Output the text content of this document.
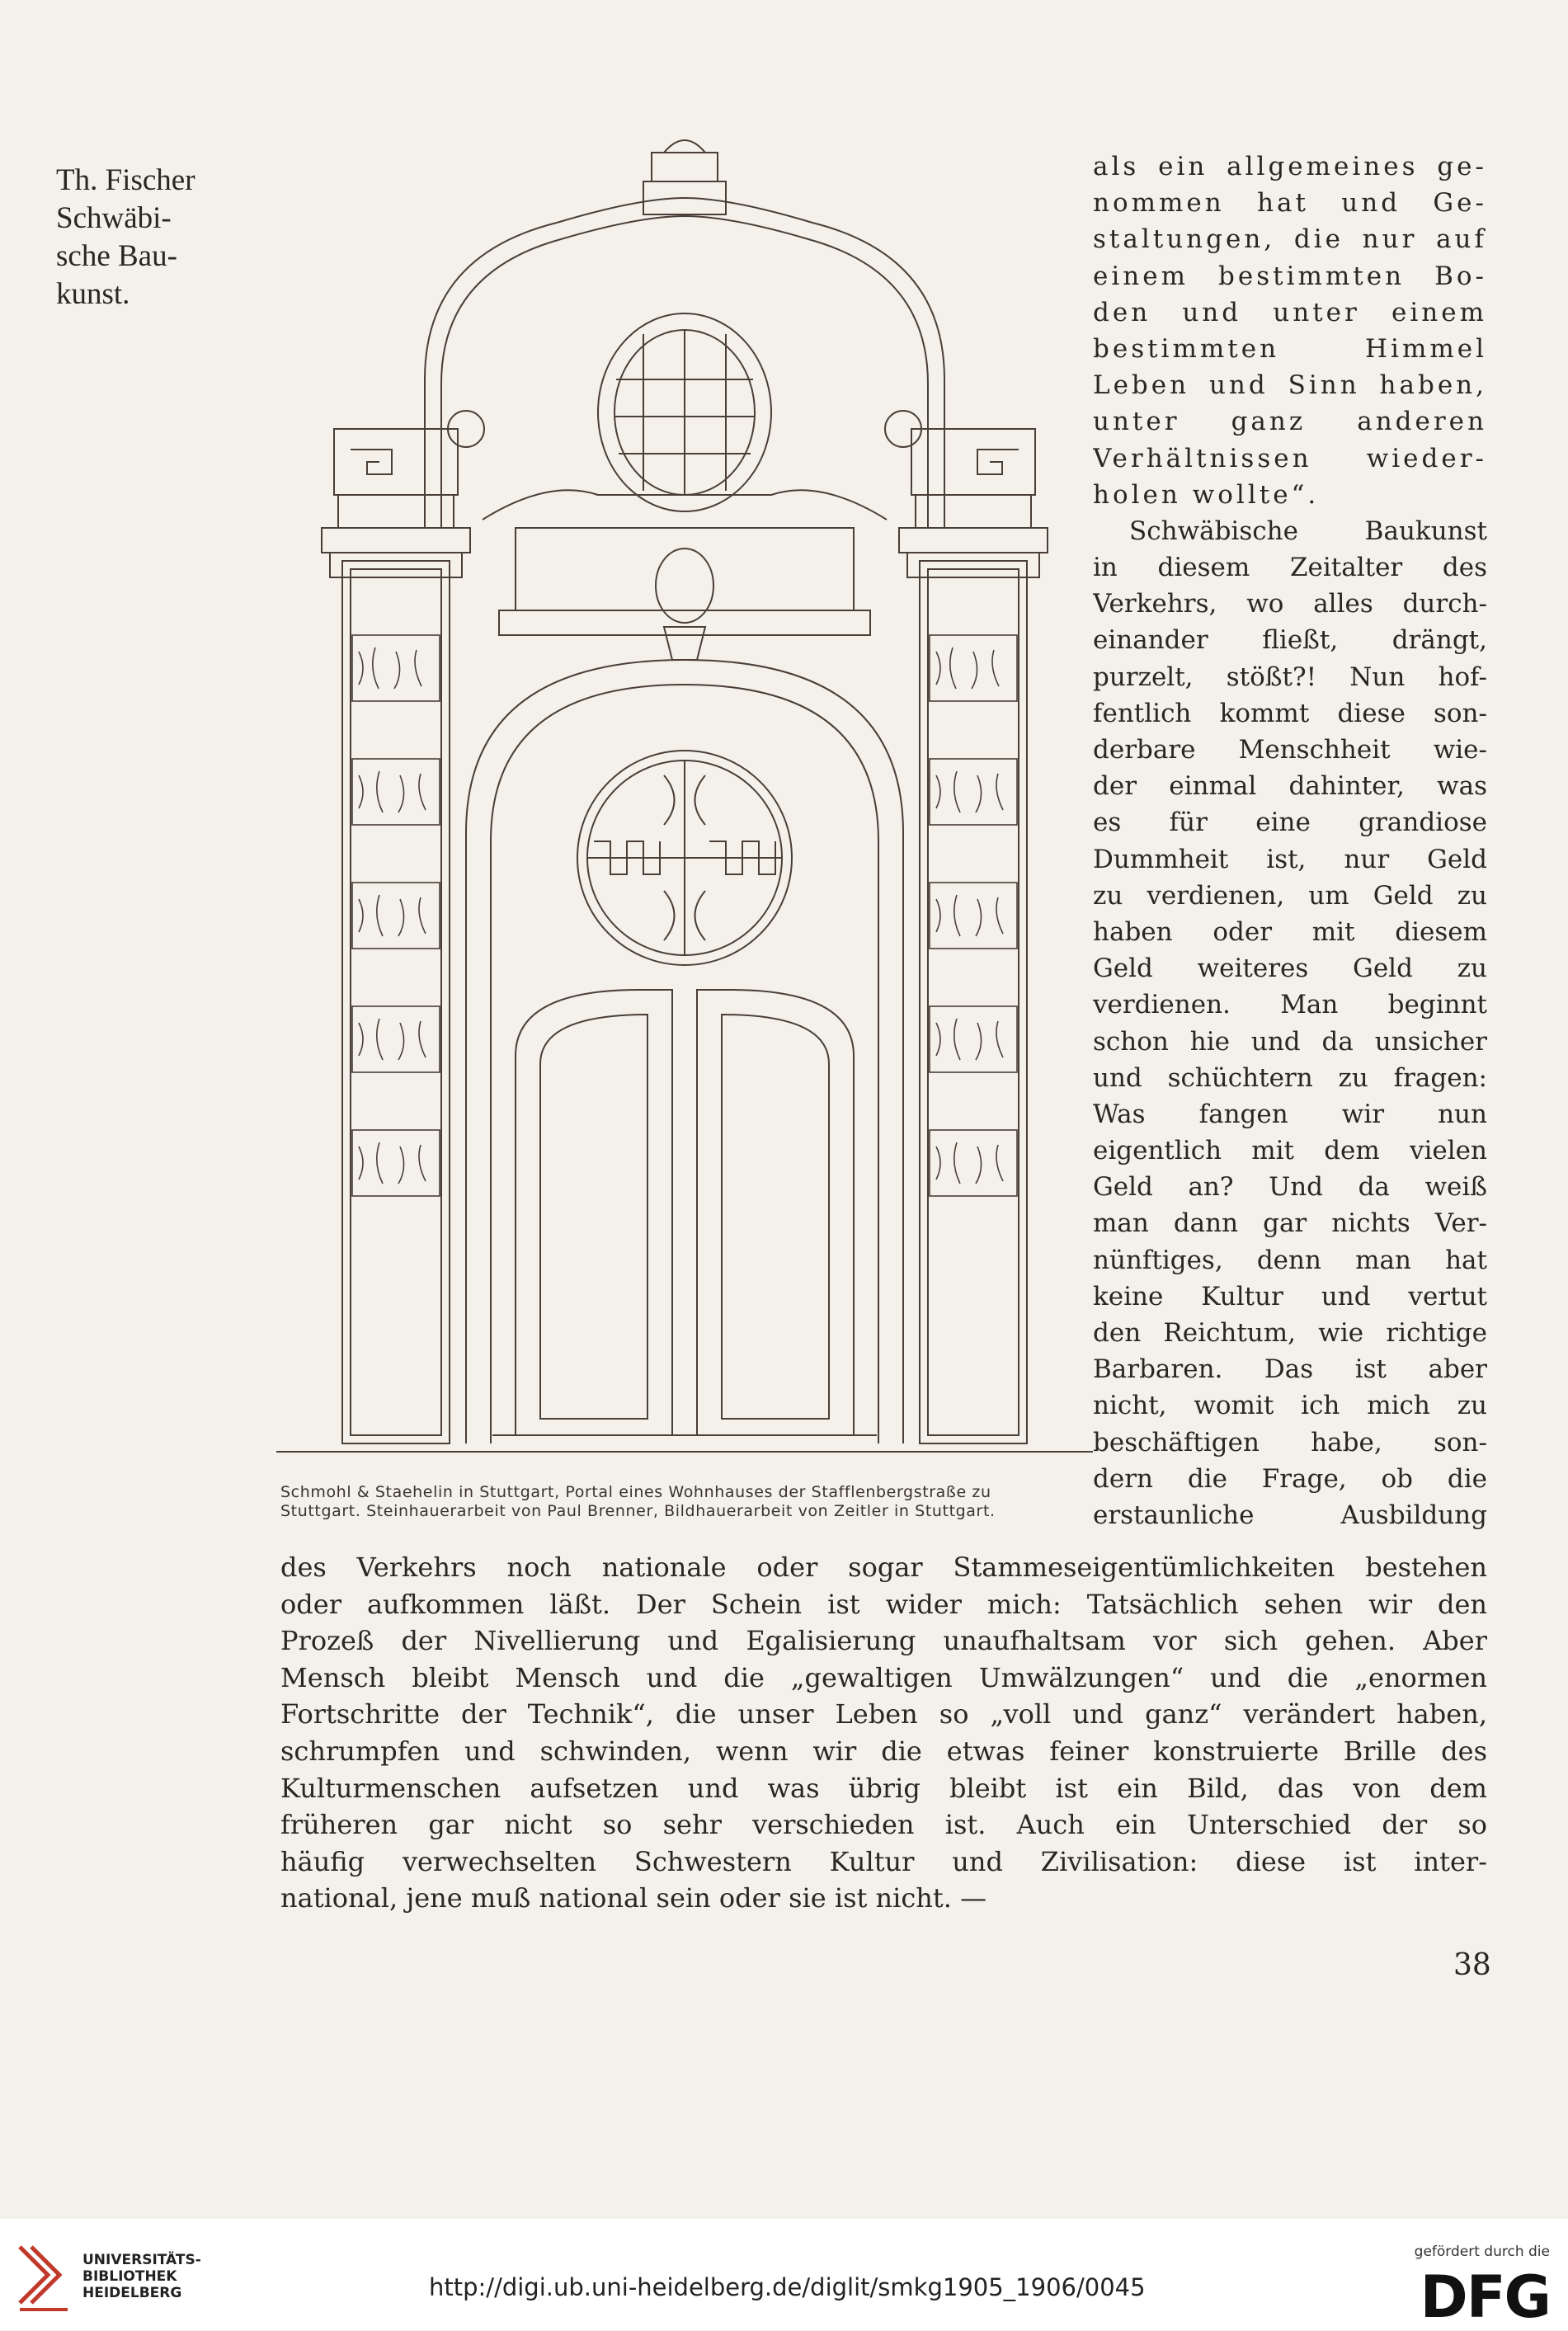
Th. Fischer
Schwäbi-
sche Bau-
kunst.
Schmohl & Staehelin in Stuttgart, Portal eines Wohnhauses der Stafflenbergstraße zu
Stuttgart. Steinhauerarbeit von Paul Brenner, Bildhauerarbeit von Zeitler in Stuttgart.
als ein allgemeines ge-
nommen hat und Ge-
staltungen, die nur auf
einem bestimmten Bo-
den und unter einem
bestimmten Himmel
Leben und Sinn haben,
unter ganz anderen
Verhältnissen wieder-
holen wollte“.
Schwäbische Baukunst
in diesem Zeitalter des
Verkehrs, wo alles durch-
einander fließt, drängt,
purzelt, stößt?! Nun hof-
fentlich kommt diese son-
derbare Menschheit wie-
der einmal dahinter, was
es für eine grandiose
Dummheit ist, nur Geld
zu verdienen, um Geld zu
haben oder mit diesem
Geld weiteres Geld zu
verdienen. Man beginnt
schon hie und da unsicher
und schüchtern zu fragen:
Was fangen wir nun
eigentlich mit dem vielen
Geld an? Und da weiß
man dann gar nichts Ver-
nünftiges, denn man hat
keine Kultur und vertut
den Reichtum, wie richtige
Barbaren. Das ist aber
nicht, womit ich mich zu
beschäftigen habe, son-
dern die Frage, ob die
erstaunliche Ausbildung
des Verkehrs noch nationale oder sogar Stammeseigentümlichkeiten bestehen
oder aufkommen läßt. Der Schein ist wider mich: Tatsächlich sehen wir den
Prozeß der Nivellierung und Egalisierung unaufhaltsam vor sich gehen. Aber
Mensch bleibt Mensch und die „gewaltigen Umwälzungen“ und die „enormen
Fortschritte der Technik“, die unser Leben so „voll und ganz“ verändert haben,
schrumpfen und schwinden, wenn wir die etwas feiner konstruierte Brille des
Kulturmenschen aufsetzen und was übrig bleibt ist ein Bild, das von dem
früheren gar nicht so sehr verschieden ist. Auch ein Unterschied der so
häufig verwechselten Schwestern Kultur und Zivilisation: diese ist inter-
national, jene muß national sein oder sie ist nicht. —
38
UNIVERSITÄTS-
BIBLIOTHEK
HEIDELBERG	http://digi.ub.uni-heidelberg.de/diglit/smkg1905_1906/0045
gefördert durch die
DFG
